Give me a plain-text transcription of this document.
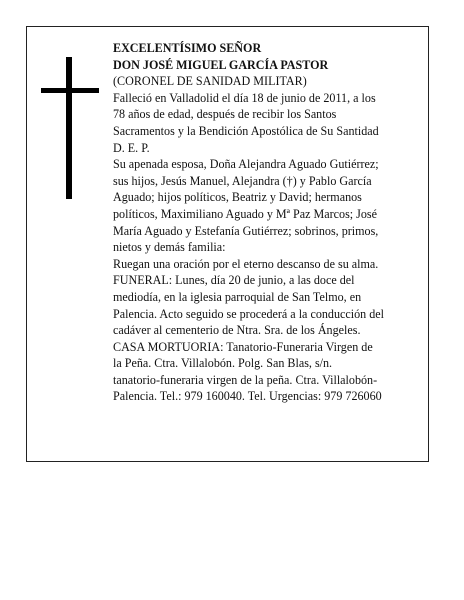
EXCELENTÍSIMO SEÑOR
DON JOSÉ MIGUEL GARCÍA PASTOR
(CORONEL DE SANIDAD MILITAR)
Falleció en Valladolid el día 18 de junio de 2011, a los
78 años de edad, después de recibir los Santos
Sacramentos y la Bendición Apostólica de Su Santidad
D. E. P.
Su apenada esposa, Doña Alejandra Aguado Gutiérrez;
sus hijos, Jesús Manuel, Alejandra (†) y Pablo García
Aguado; hijos políticos, Beatriz y David; hermanos
políticos, Maximiliano Aguado y Mª Paz Marcos; José
María Aguado y Estefanía Gutiérrez; sobrinos, primos,
nietos y demás familia:
Ruegan una oración por el eterno descanso de su alma.
FUNERAL: Lunes, día 20 de junio, a las doce del
mediodía, en la iglesia parroquial de San Telmo, en
Palencia. Acto seguido se procederá a la conducción del
cadáver al cementerio de Ntra. Sra. de los Ángeles.
CASA MORTUORIA: Tanatorio-Funeraria Virgen de
la Peña. Ctra. Villalobón. Polg. San Blas, s/n.
tanatorio-funeraria virgen de la peña. Ctra. Villalobón-
Palencia. Tel.: 979 160040. Tel. Urgencias: 979 726060
